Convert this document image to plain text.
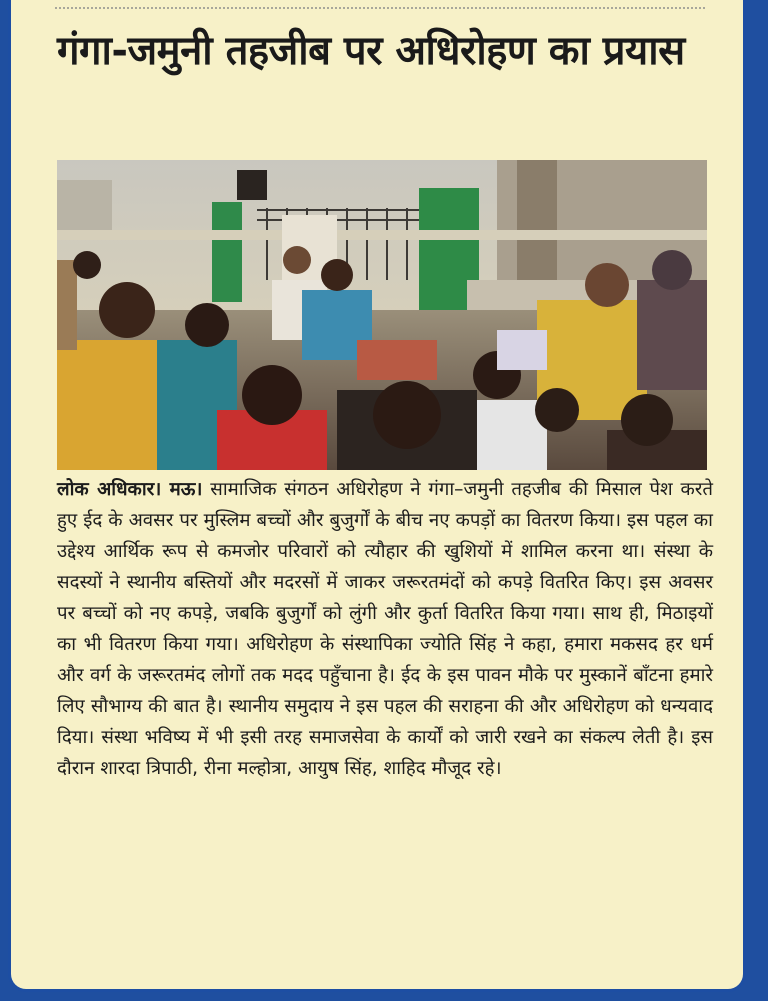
गंगा-जमुनी तहजीब पर अधिरोहण का प्रयास

लोक अधिकार। मऊ। सामाजिक संगठन अधिरोहण ने गंगा–जमुनी तहजीब की मिसाल पेश करते हुए ईद के अवसर पर मुस्लिम बच्चों और बुजुर्गों के बीच नए कपड़ों का वितरण किया। इस पहल का उद्देश्य आर्थिक रूप से कमजोर परिवारों को त्यौहार की खुशियों में शामिल करना था। संस्था के सदस्यों ने स्थानीय बस्तियों और मदरसों में जाकर जरूरतमंदों को कपड़े वितरित किए। इस अवसर पर बच्चों को नए कपड़े, जबकि बुजुर्गों को लुंगी और कुर्ता वितरित किया गया। साथ ही, मिठाइयों का भी वितरण किया गया। अधिरोहण के संस्थापिका ज्योति सिंह ने कहा, हमारा मकसद हर धर्म और वर्ग के जरूरतमंद लोगों तक मदद पहुँचाना है। ईद के इस पावन मौके पर मुस्कानें बाँटना हमारे लिए सौभाग्य की बात है। स्थानीय समुदाय ने इस पहल की सराहना की और अधिरोहण को धन्यवाद दिया। संस्था भविष्य में भी इसी तरह समाजसेवा के कार्यों को जारी रखने का संकल्प लेती है। इस दौरान शारदा त्रिपाठी, रीना मल्होत्रा, आयुष सिंह, शाहिद मौजूद रहे।
